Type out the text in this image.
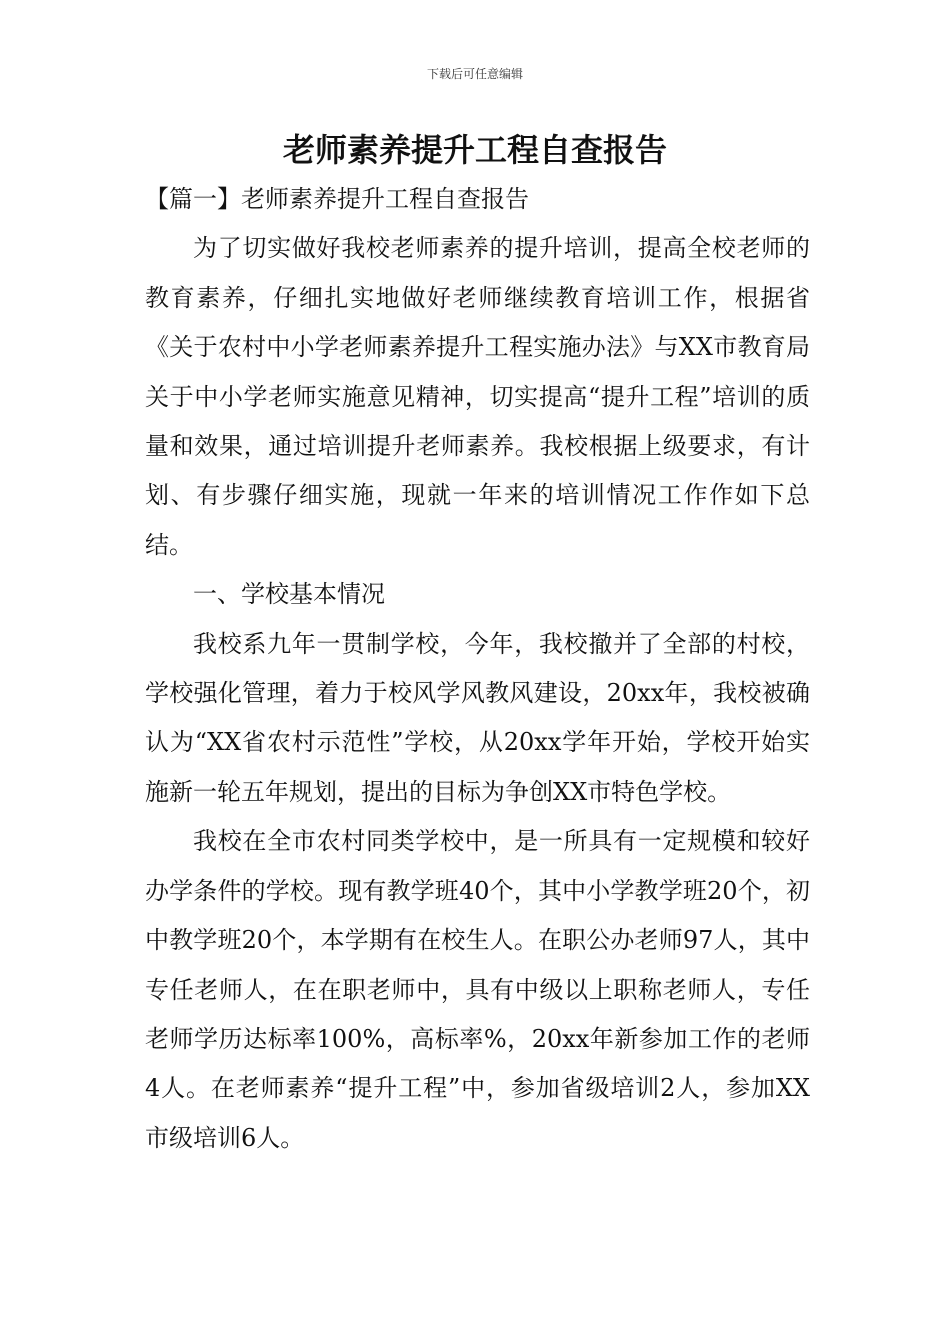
下载后可任意编辑
老师素养提升工程自查报告

【篇一】老师素养提升工程自查报告

为了切实做好我校老师素养的提升培训，提高全校老师的教育素养，仔细扎实地做好老师继续教育培训工作，根据省《关于农村中小学老师素养提升工程实施办法》与XX市教育局关于中小学老师实施意见精神，切实提高“提升工程”培训的质量和效果，通过培训提升老师素养。我校根据上级要求，有计划、有步骤仔细实施，现就一年来的培训情况工作作如下总结。

一、学校基本情况

我校系九年一贯制学校，今年，我校撤并了全部的村校，学校强化管理，着力于校风学风教风建设，20xx年，我校被确认为“XX省农村示范性”学校，从20xx学年开始，学校开始实施新一轮五年规划，提出的目标为争创XX市特色学校。

我校在全市农村同类学校中，是一所具有一定规模和较好办学条件的学校。现有教学班40个，其中小学教学班20个，初中教学班20个，本学期有在校生人。在职公办老师97人，其中专任老师人，在在职老师中，具有中级以上职称老师人，专任老师学历达标率100%，高标率%，20xx年新参加工作的老师4人。在老师素养“提升工程”中，参加省级培训2人，参加XX市级培训6人。
